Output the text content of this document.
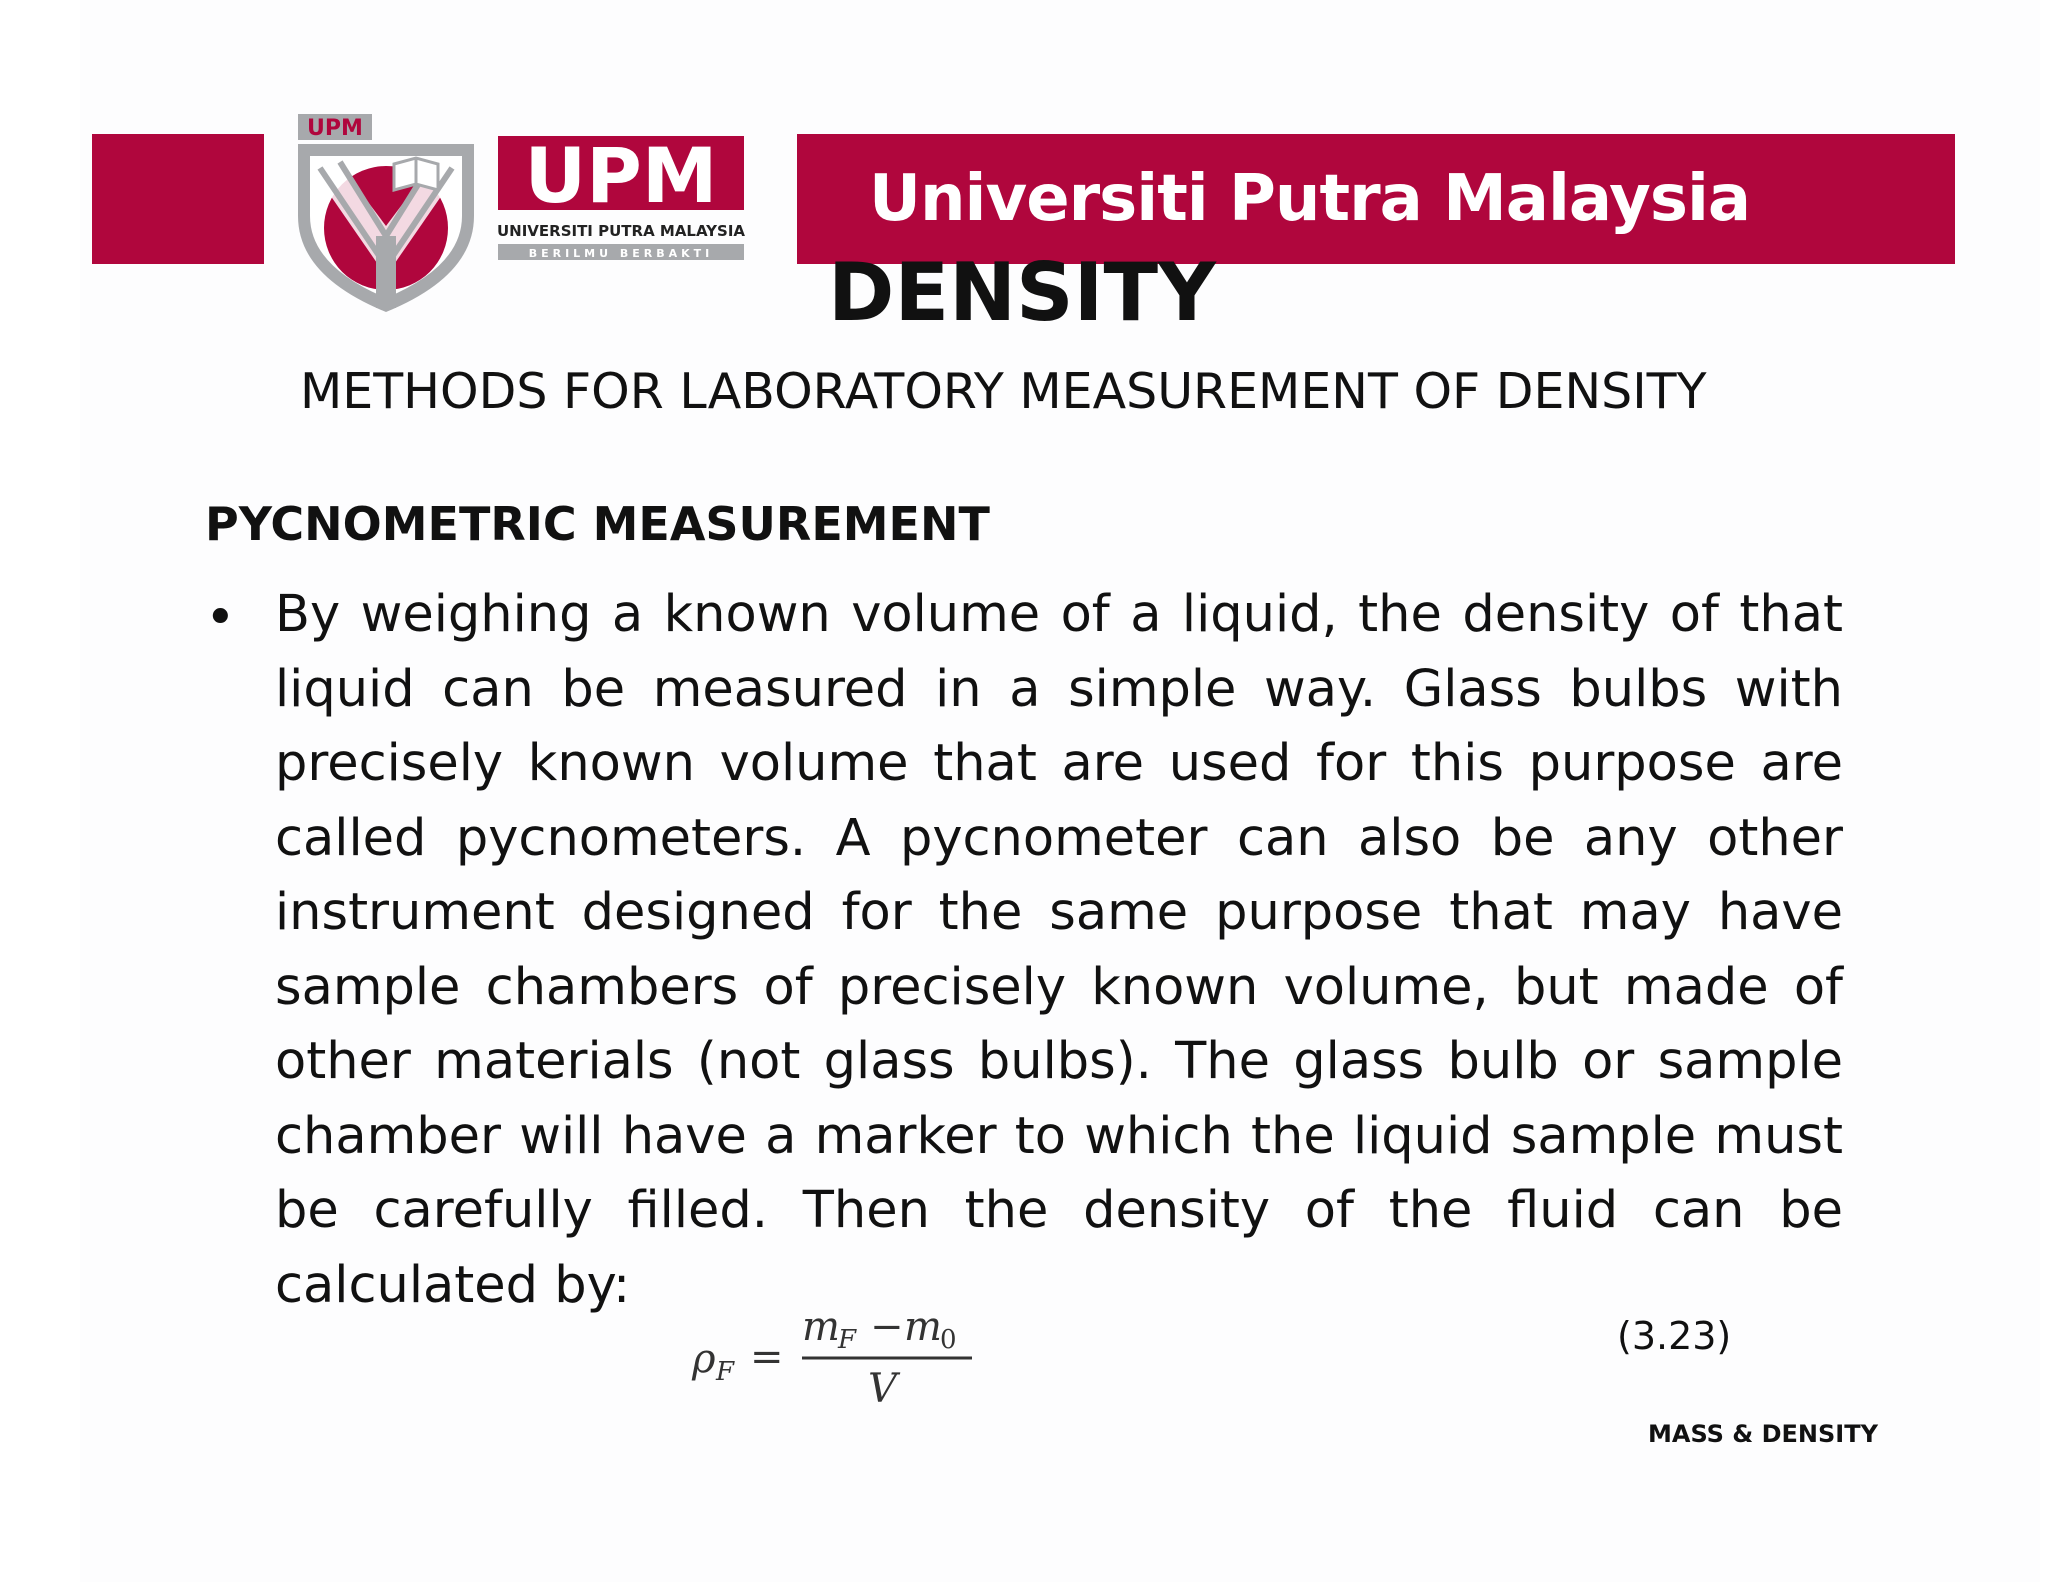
UPM
UPM
UNIVERSITI PUTRA MALAYSIA
BERILMU BERBAKTI
Universiti Putra Malaysia
DENSITY
METHODS FOR LABORATORY MEASUREMENT OF DENSITY
PYCNOMETRIC MEASUREMENT
• By weighing a known volume of a liquid, the density of that liquid can be measured in a simple way. Glass bulbs with precisely known volume that are used for this purpose are called pycnometers. A pycnometer can also be any other instrument designed for the same purpose that may have sample chambers of precisely known volume, but made of other materials (not glass bulbs). The glass bulb or sample chamber will have a marker to which the liquid sample must be carefully filled. Then the density of the fluid can be calculated by:
ρ F =
m
F − m
0
V
(3.23)
MASS & DENSITY
